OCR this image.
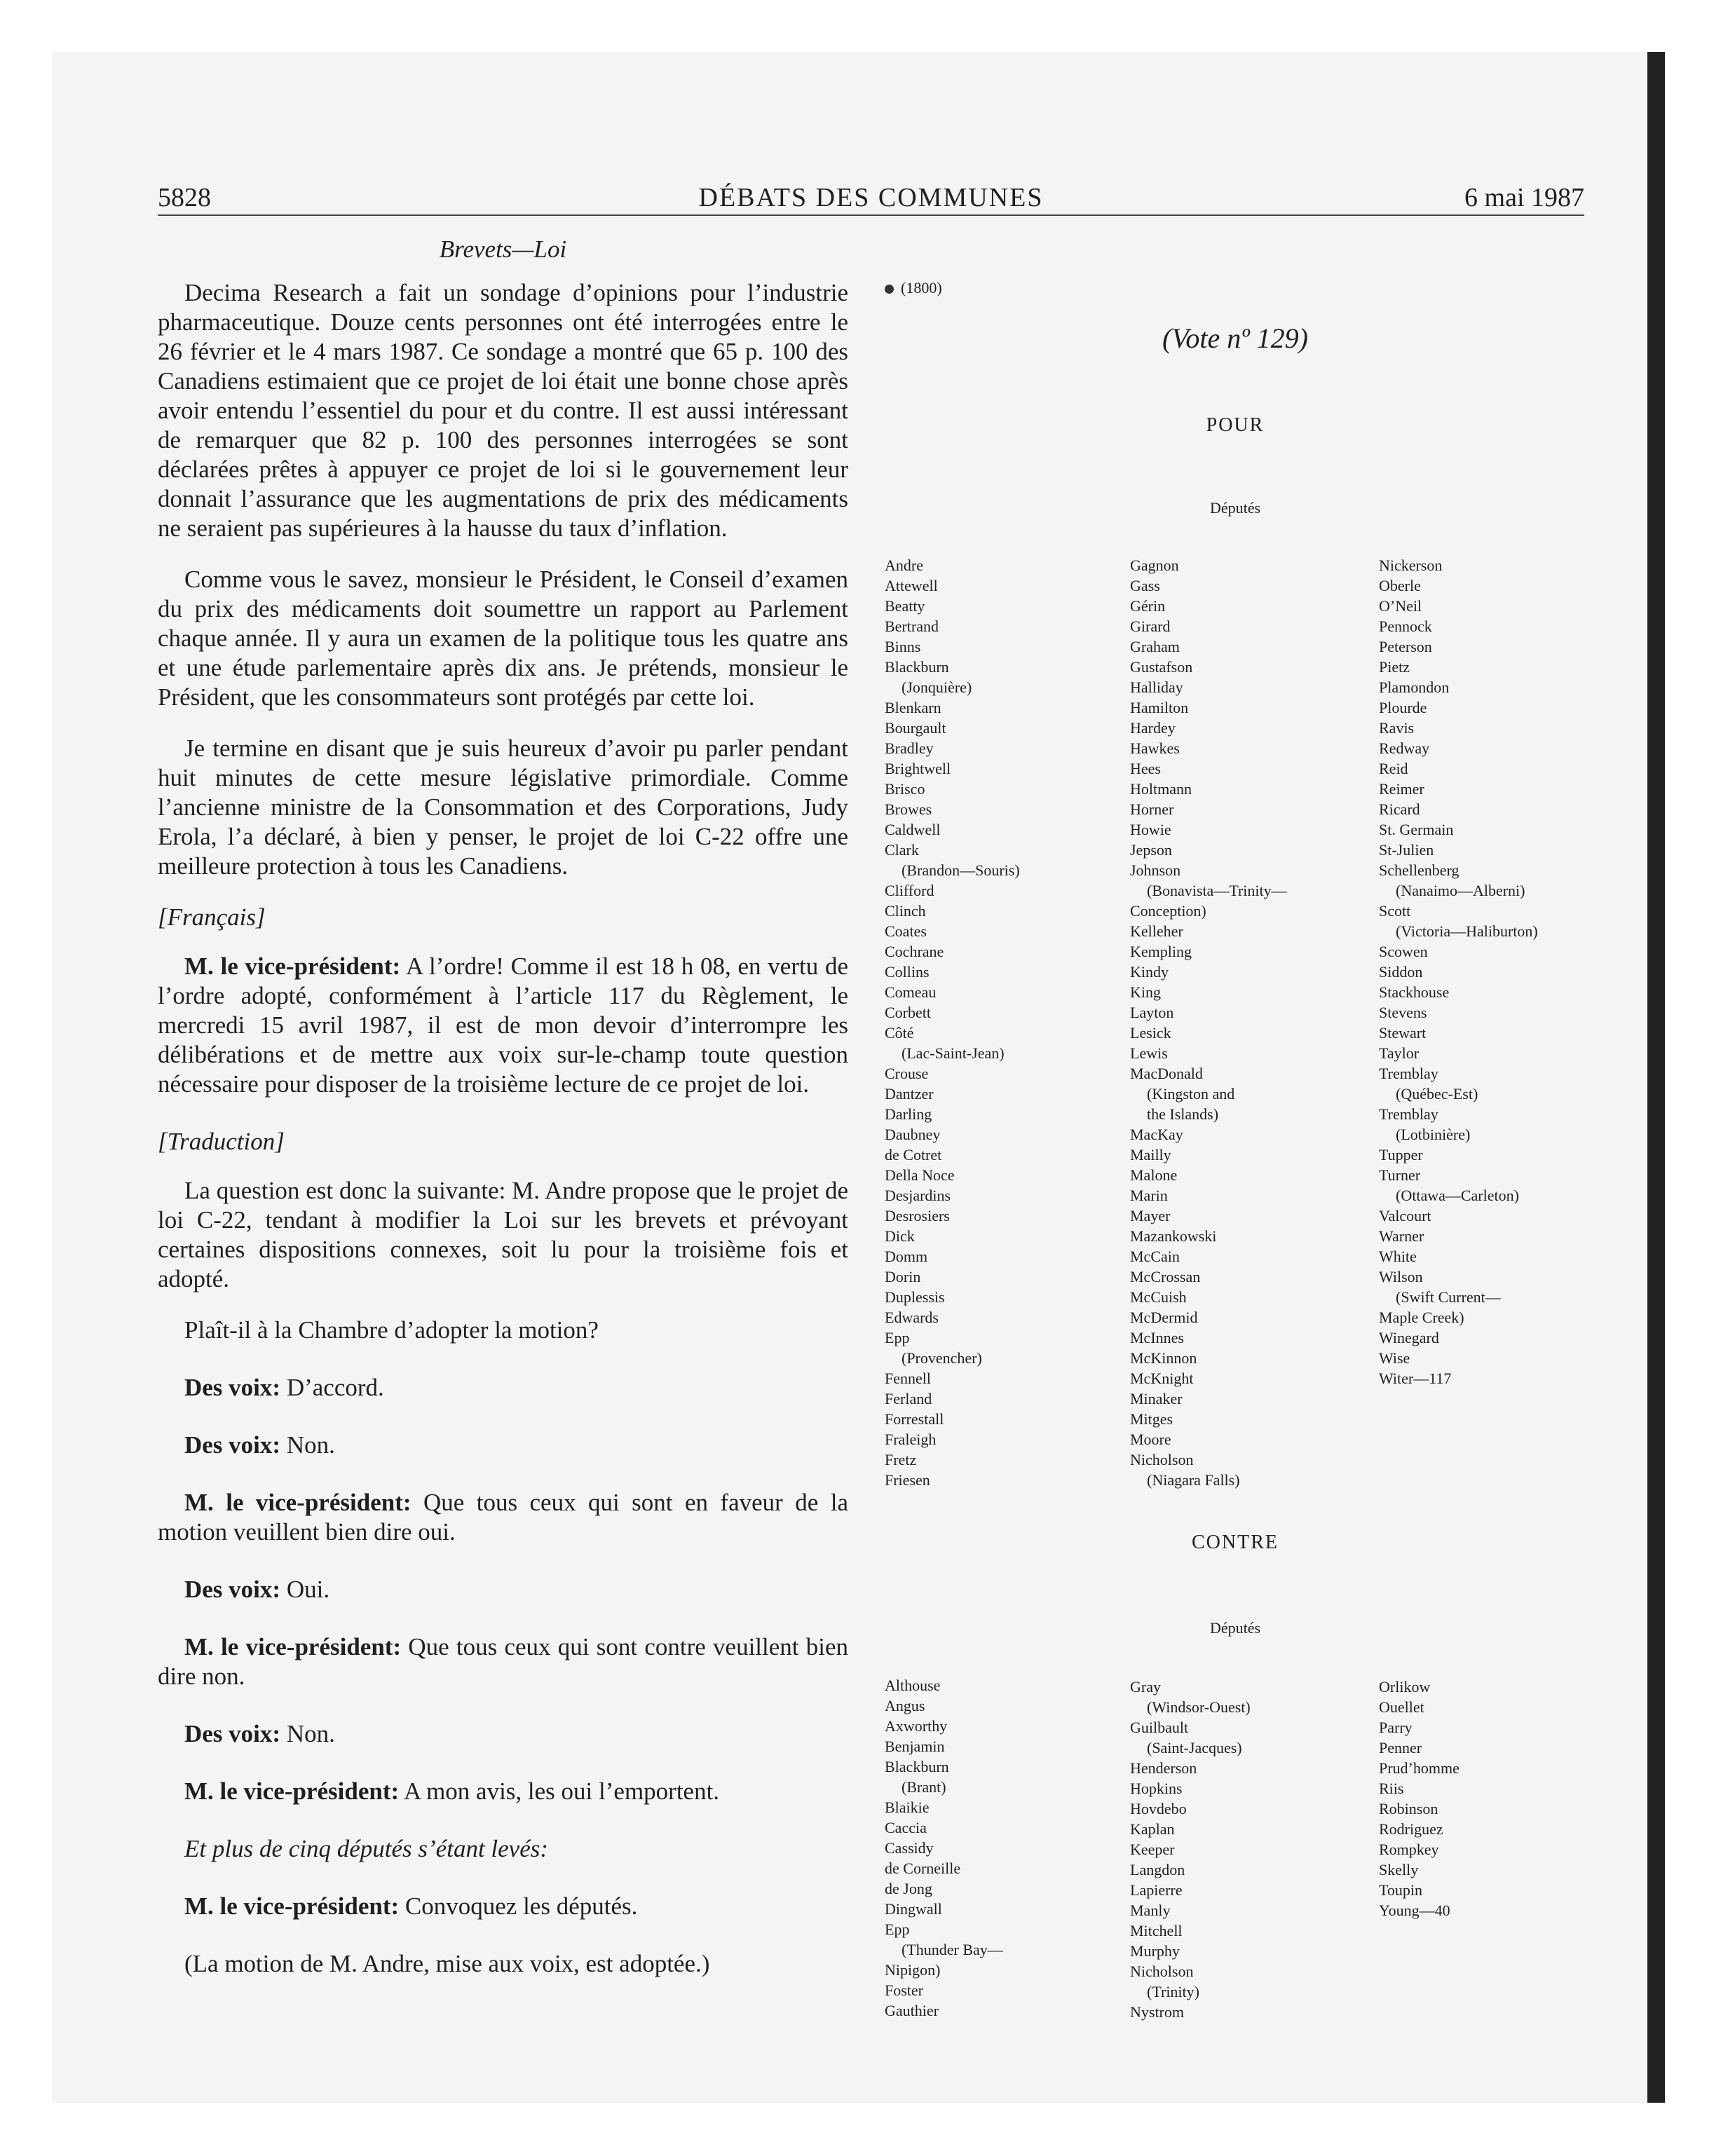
5828	DÉBATS DES COMMUNES	6 mai 1987

Brevets—Loi

Decima Research a fait un sondage d’opinions pour l’industrie pharmaceutique. Douze cents personnes ont été interrogées entre le 26 février et le 4 mars 1987. Ce sondage a montré que 65 p. 100 des Canadiens estimaient que ce projet de loi était une bonne chose après avoir entendu l’essentiel du pour et du contre. Il est aussi intéressant de remarquer que 82 p. 100 des personnes interrogées se sont déclarées prêtes à appuyer ce projet de loi si le gouvernement leur donnait l’assurance que les augmentations de prix des médicaments ne seraient pas supérieures à la hausse du taux d’inflation.

Comme vous le savez, monsieur le Président, le Conseil d’examen du prix des médicaments doit soumettre un rapport au Parlement chaque année. Il y aura un examen de la politique tous les quatre ans et une étude parlementaire après dix ans. Je prétends, monsieur le Président, que les consommateurs sont protégés par cette loi.

Je termine en disant que je suis heureux d’avoir pu parler pendant huit minutes de cette mesure législative primordiale. Comme l’ancienne ministre de la Consommation et des Corporations, Judy Erola, l’a déclaré, à bien y penser, le projet de loi C-22 offre une meilleure protection à tous les Canadiens.

[Français]

M. le vice-président: A l’ordre! Comme il est 18 h 08, en vertu de l’ordre adopté, conformément à l’article 117 du Règlement, le mercredi 15 avril 1987, il est de mon devoir d’interrompre les délibérations et de mettre aux voix sur-le-champ toute question nécessaire pour disposer de la troisième lecture de ce projet de loi.

[Traduction]

La question est donc la suivante: M. Andre propose que le projet de loi C-22, tendant à modifier la Loi sur les brevets et prévoyant certaines dispositions connexes, soit lu pour la troisième fois et adopté.

Plaît-il à la Chambre d’adopter la motion?

Des voix: D’accord.

Des voix: Non.

M. le vice-président: Que tous ceux qui sont en faveur de la motion veuillent bien dire oui.

Des voix: Oui.

M. le vice-président: Que tous ceux qui sont contre veuillent bien dire non.

Des voix: Non.

M. le vice-président: A mon avis, les oui l’emportent.

Et plus de cinq députés s’étant levés:

M. le vice-président: Convoquez les députés.

(La motion de M. Andre, mise aux voix, est adoptée.)

(1800)
(Vote nº 129)
POUR
Députés
Andre
Attewell
Beatty
Bertrand
Binns
Blackburn
(Jonquière)
Blenkarn
Bourgault
Bradley
Brightwell
Brisco
Browes
Caldwell
Clark
(Brandon—Souris)
Clifford
Clinch
Coates
Cochrane
Collins
Comeau
Corbett
Côté
(Lac-Saint-Jean)
Crouse
Dantzer
Darling
Daubney
de Cotret
Della Noce
Desjardins
Desrosiers
Dick
Domm
Dorin
Duplessis
Edwards
Epp
(Provencher)
Fennell
Ferland
Forrestall
Fraleigh
Fretz
Friesen
Gagnon
Gass
Gérin
Girard
Graham
Gustafson
Halliday
Hamilton
Hardey
Hawkes
Hees
Holtmann
Horner
Howie
Jepson
Johnson
(Bonavista—Trinity—
Conception)
Kelleher
Kempling
Kindy
King
Layton
Lesick
Lewis
MacDonald
(Kingston and
the Islands)
MacKay
Mailly
Malone
Marin
Mayer
Mazankowski
McCain
McCrossan
McCuish
McDermid
McInnes
McKinnon
McKnight
Minaker
Mitges
Moore
Nicholson
(Niagara Falls)
Nickerson
Oberle
O’Neil
Pennock
Peterson
Pietz
Plamondon
Plourde
Ravis
Redway
Reid
Reimer
Ricard
St. Germain
St-Julien
Schellenberg
(Nanaimo—Alberni)
Scott
(Victoria—Haliburton)
Scowen
Siddon
Stackhouse
Stevens
Stewart
Taylor
Tremblay
(Québec-Est)
Tremblay
(Lotbinière)
Tupper
Turner
(Ottawa—Carleton)
Valcourt
Warner
White
Wilson
(Swift Current—
Maple Creek)
Winegard
Wise
Witer—117
CONTRE
Députés
Althouse
Angus
Axworthy
Benjamin
Blackburn
(Brant)
Blaikie
Caccia
Cassidy
de Corneille
de Jong
Dingwall
Epp
(Thunder Bay—
Nipigon)
Foster
Gauthier
Gray
(Windsor-Ouest)
Guilbault
(Saint-Jacques)
Henderson
Hopkins
Hovdebo
Kaplan
Keeper
Langdon
Lapierre
Manly
Mitchell
Murphy
Nicholson
(Trinity)
Nystrom
Orlikow
Ouellet
Parry
Penner
Prud’homme
Riis
Robinson
Rodriguez
Rompkey
Skelly
Toupin
Young—40
